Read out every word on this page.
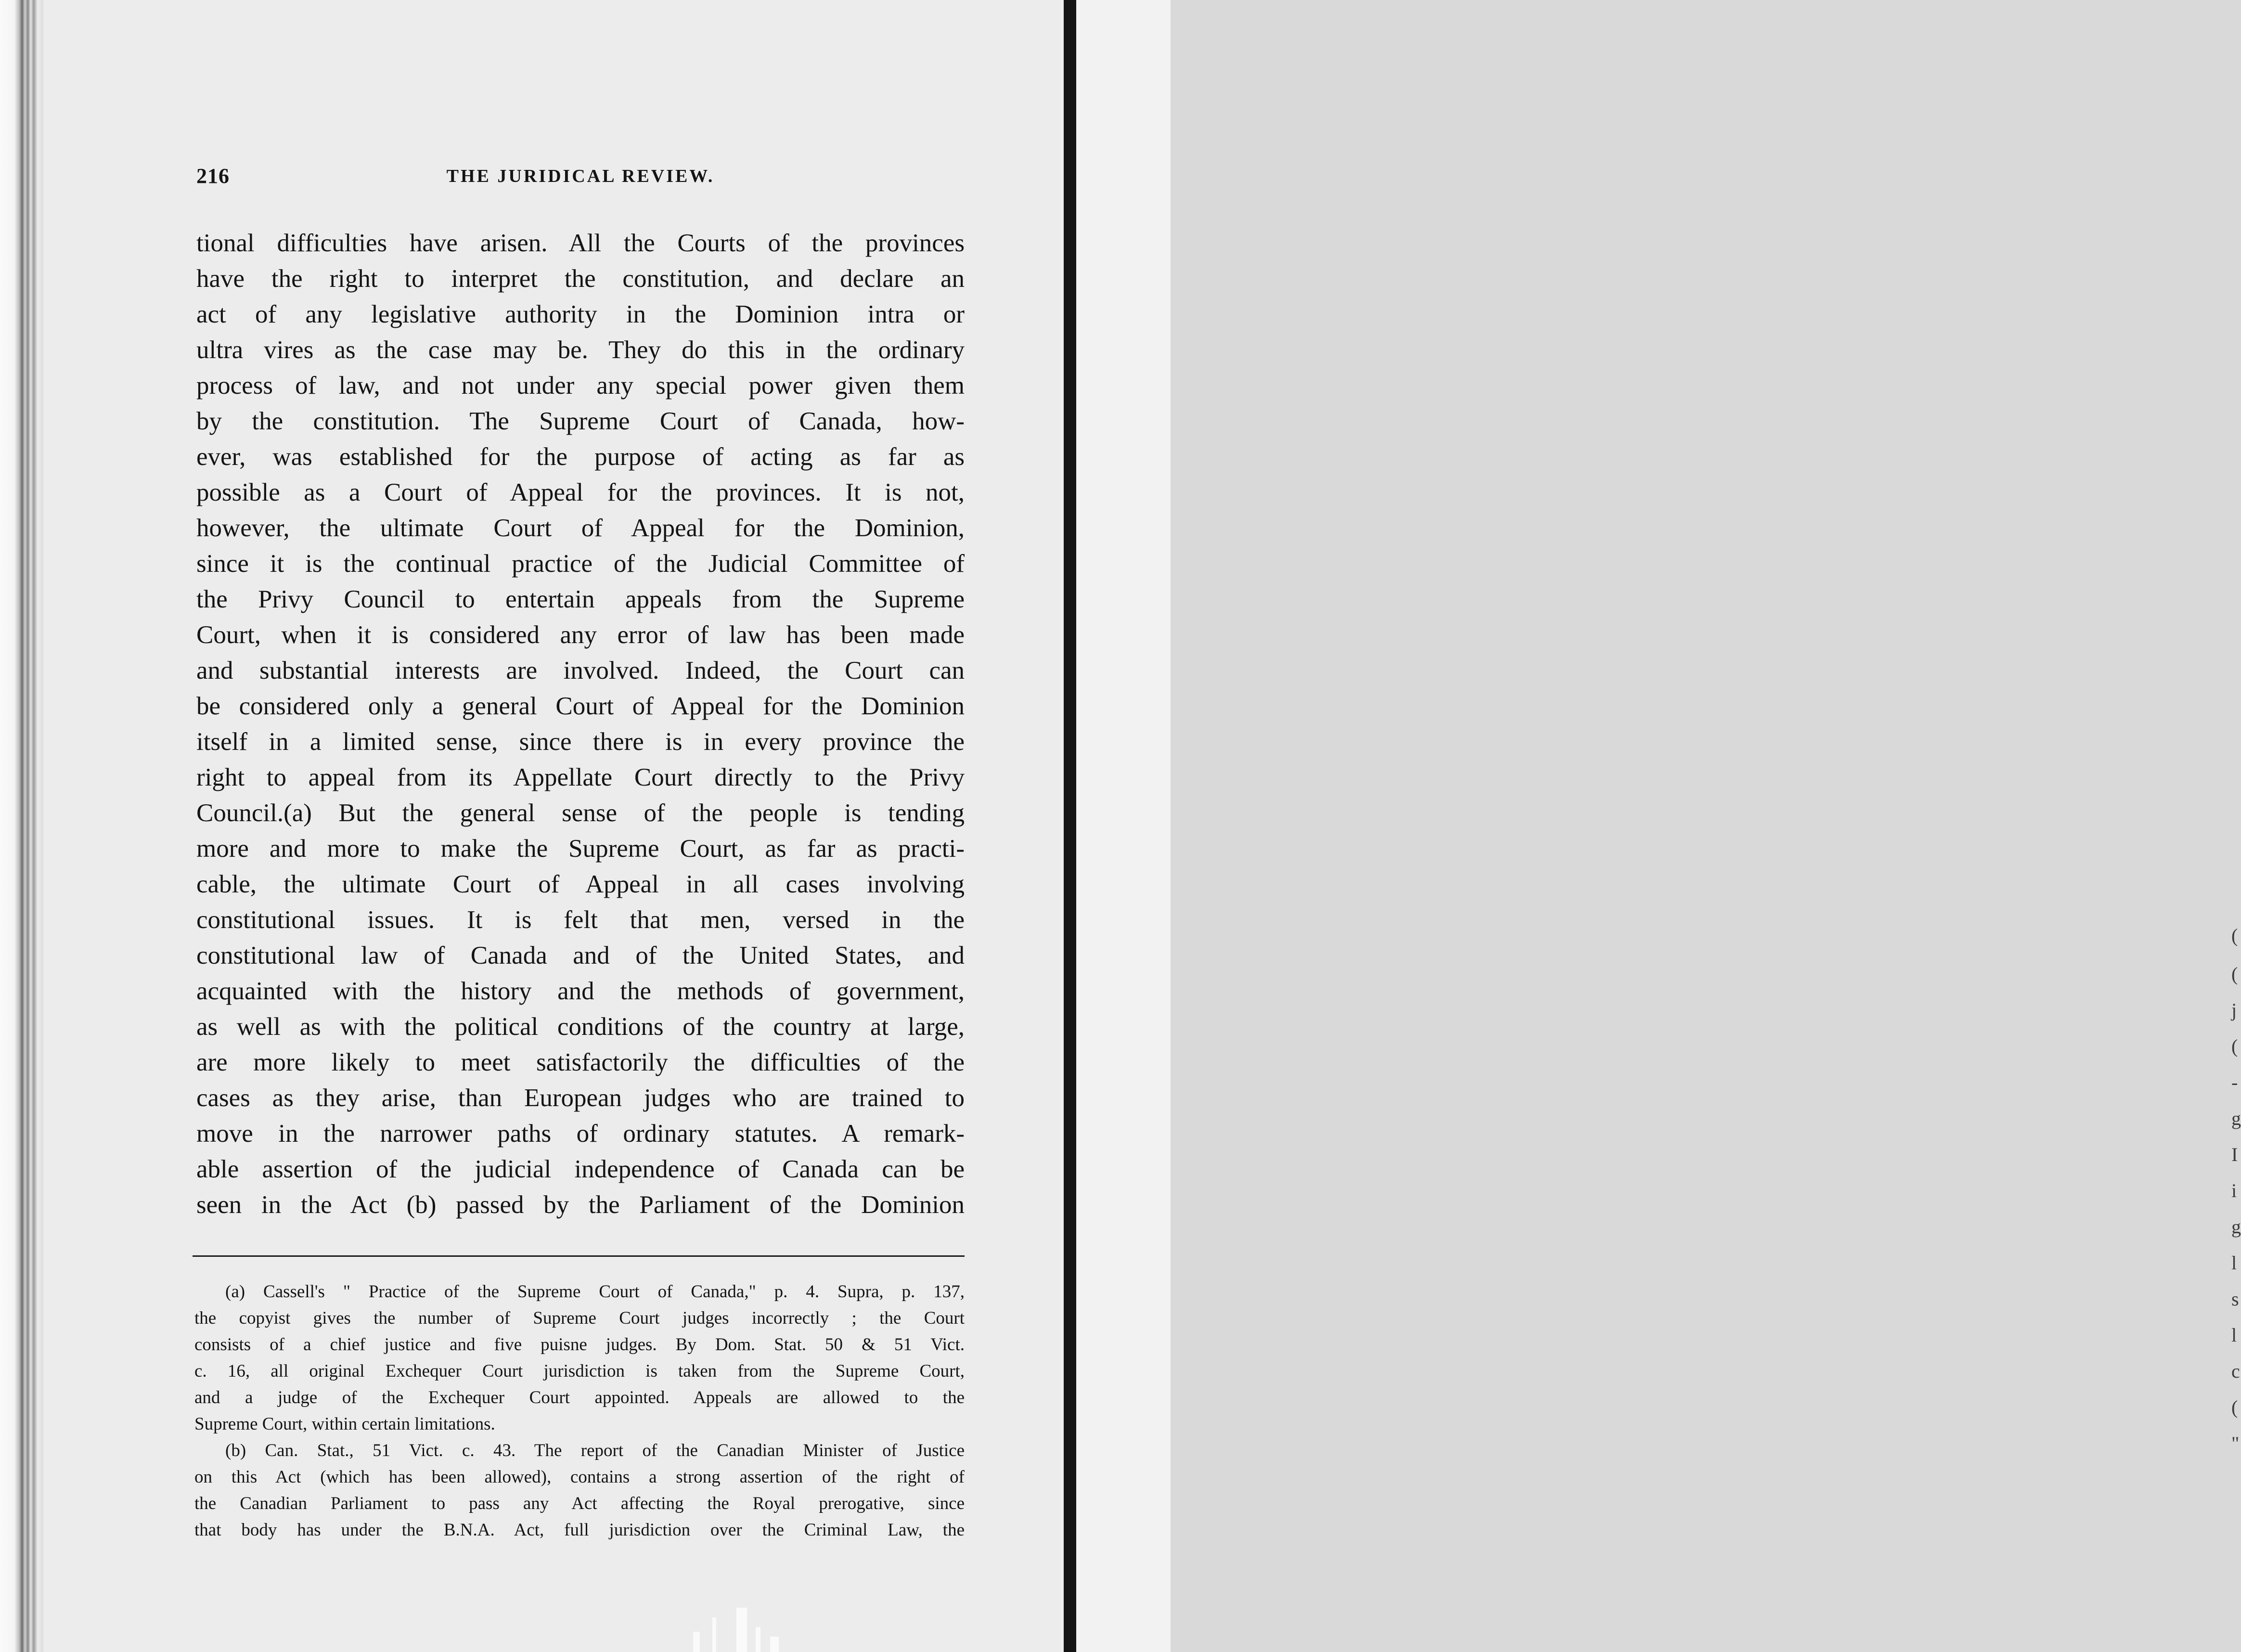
216	THE JURIDICAL REVIEW.
tional difficulties have arisen. All the Courts of the provinces
have the right to interpret the constitution, and declare an
act of any legislative authority in the Dominion intra or
ultra vires as the case may be. They do this in the ordinary
process of law, and not under any special power given them
by the constitution. The Supreme Court of Canada, how-
ever, was established for the purpose of acting as far as
possible as a Court of Appeal for the provinces. It is not,
however, the ultimate Court of Appeal for the Dominion,
since it is the continual practice of the Judicial Committee of
the Privy Council to entertain appeals from the Supreme
Court, when it is considered any error of law has been made
and substantial interests are involved. Indeed, the Court can
be considered only a general Court of Appeal for the Dominion
itself in a limited sense, since there is in every province the
right to appeal from its Appellate Court directly to the Privy
Council.(a) But the general sense of the people is tending
more and more to make the Supreme Court, as far as practi-
cable, the ultimate Court of Appeal in all cases involving
constitutional issues. It is felt that men, versed in the
constitutional law of Canada and of the United States, and
acquainted with the history and the methods of government,
as well as with the political conditions of the country at large,
are more likely to meet satisfactorily the difficulties of the
cases as they arise, than European judges who are trained to
move in the narrower paths of ordinary statutes. A remark-
able assertion of the judicial independence of Canada can be
seen in the Act (b) passed by the Parliament of the Dominion
(a) Cassell's " Practice of the Supreme Court of Canada," p. 4. Supra, p. 137,
the copyist gives the number of Supreme Court judges incorrectly ; the Court
consists of a chief justice and five puisne judges. By Dom. Stat. 50 & 51 Vict.
c. 16, all original Exchequer Court jurisdiction is taken from the Supreme Court,
and a judge of the Exchequer Court appointed. Appeals are allowed to the
Supreme Court, within certain limitations.
(b) Can. Stat., 51 Vict. c. 43. The report of the Canadian Minister of Justice
on this Act (which has been allowed), contains a strong assertion of the right of
the Canadian Parliament to pass any Act affecting the Royal prerogative, since
that body has under the B.N.A. Act, full jurisdiction over the Criminal Law, the
(
(
j
(
-
g
I
i
g
l
s
l
c
(
"
